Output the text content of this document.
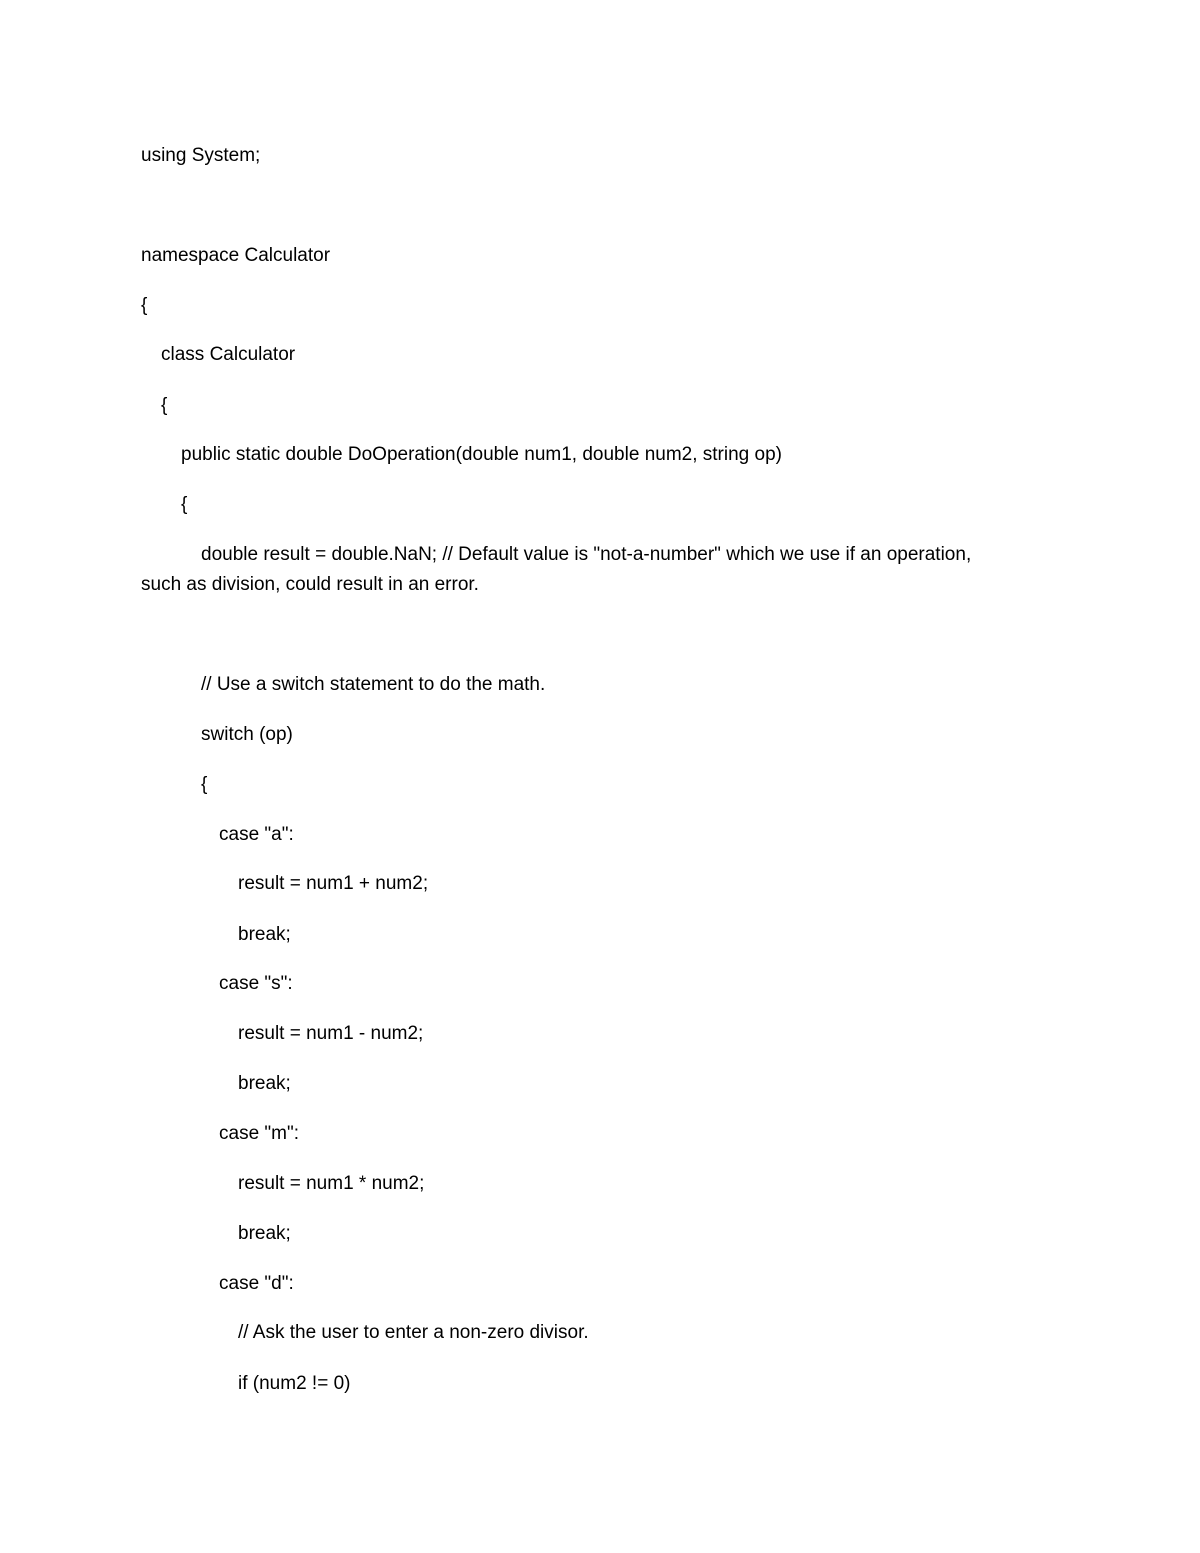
using System;
namespace Calculator
{
class Calculator
{
public static double DoOperation(double num1, double num2, string op)
{
double result = double.NaN; // Default value is "not-a-number" which we use if an operation,
such as division, could result in an error.
// Use a switch statement to do the math.
switch (op)
{
case "a":
result = num1 + num2;
break;
case "s":
result = num1 - num2;
break;
case "m":
result = num1 * num2;
break;
case "d":
// Ask the user to enter a non-zero divisor.
if (num2 != 0)
